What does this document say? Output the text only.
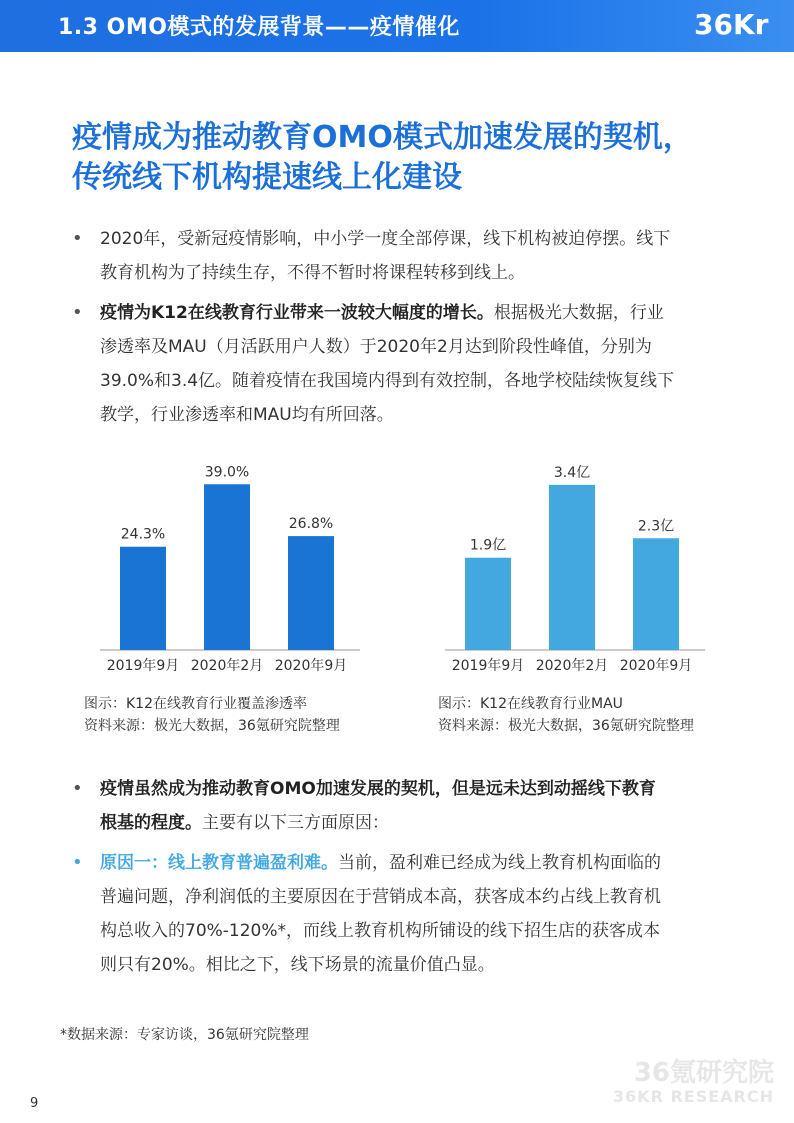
1.3 OMO模式的发展背景——疫情催化	36Kr
疫情成为推动教育OMO模式加速发展的契机，
传统线下机构提速线上化建设
• 2020年，受新冠疫情影响，中小学一度全部停课，线下机构被迫停摆。线下
教育机构为了持续生存，不得不暂时将课程转移到线上。
• 疫情为K12在线教育行业带来一波较大幅度的增长。根据极光大数据，行业
渗透率及MAU（月活跃用户人数）于2020年2月达到阶段性峰值，分别为
39.0%和3.4亿。随着疫情在我国境内得到有效控制，各地学校陆续恢复线下
教学，行业渗透率和MAU均有所回落。
24.3%
2019年9月
39.0%
2020年2月
26.8%
2020年9月
1.9亿
2019年9月
3.4亿
2020年2月
2.3亿
2020年9月
图示：K12在线教育行业覆盖渗透率
资料来源：极光大数据，36氪研究院整理
图示：K12在线教育行业MAU
资料来源：极光大数据，36氪研究院整理
• 疫情虽然成为推动教育OMO加速发展的契机，但是远未达到动摇线下教育
根基的程度。主要有以下三方面原因：
• 原因一：线上教育普遍盈利难。当前，盈利难已经成为线上教育机构面临的
普遍问题，净利润低的主要原因在于营销成本高，获客成本约占线上教育机
构总收入的70%-120%*，而线上教育机构所铺设的线下招生店的获客成本
则只有20%。相比之下，线下场景的流量价值凸显。
*数据来源：专家访谈，36氪研究院整理
36氪研究院
36KR RESEARCH
9
